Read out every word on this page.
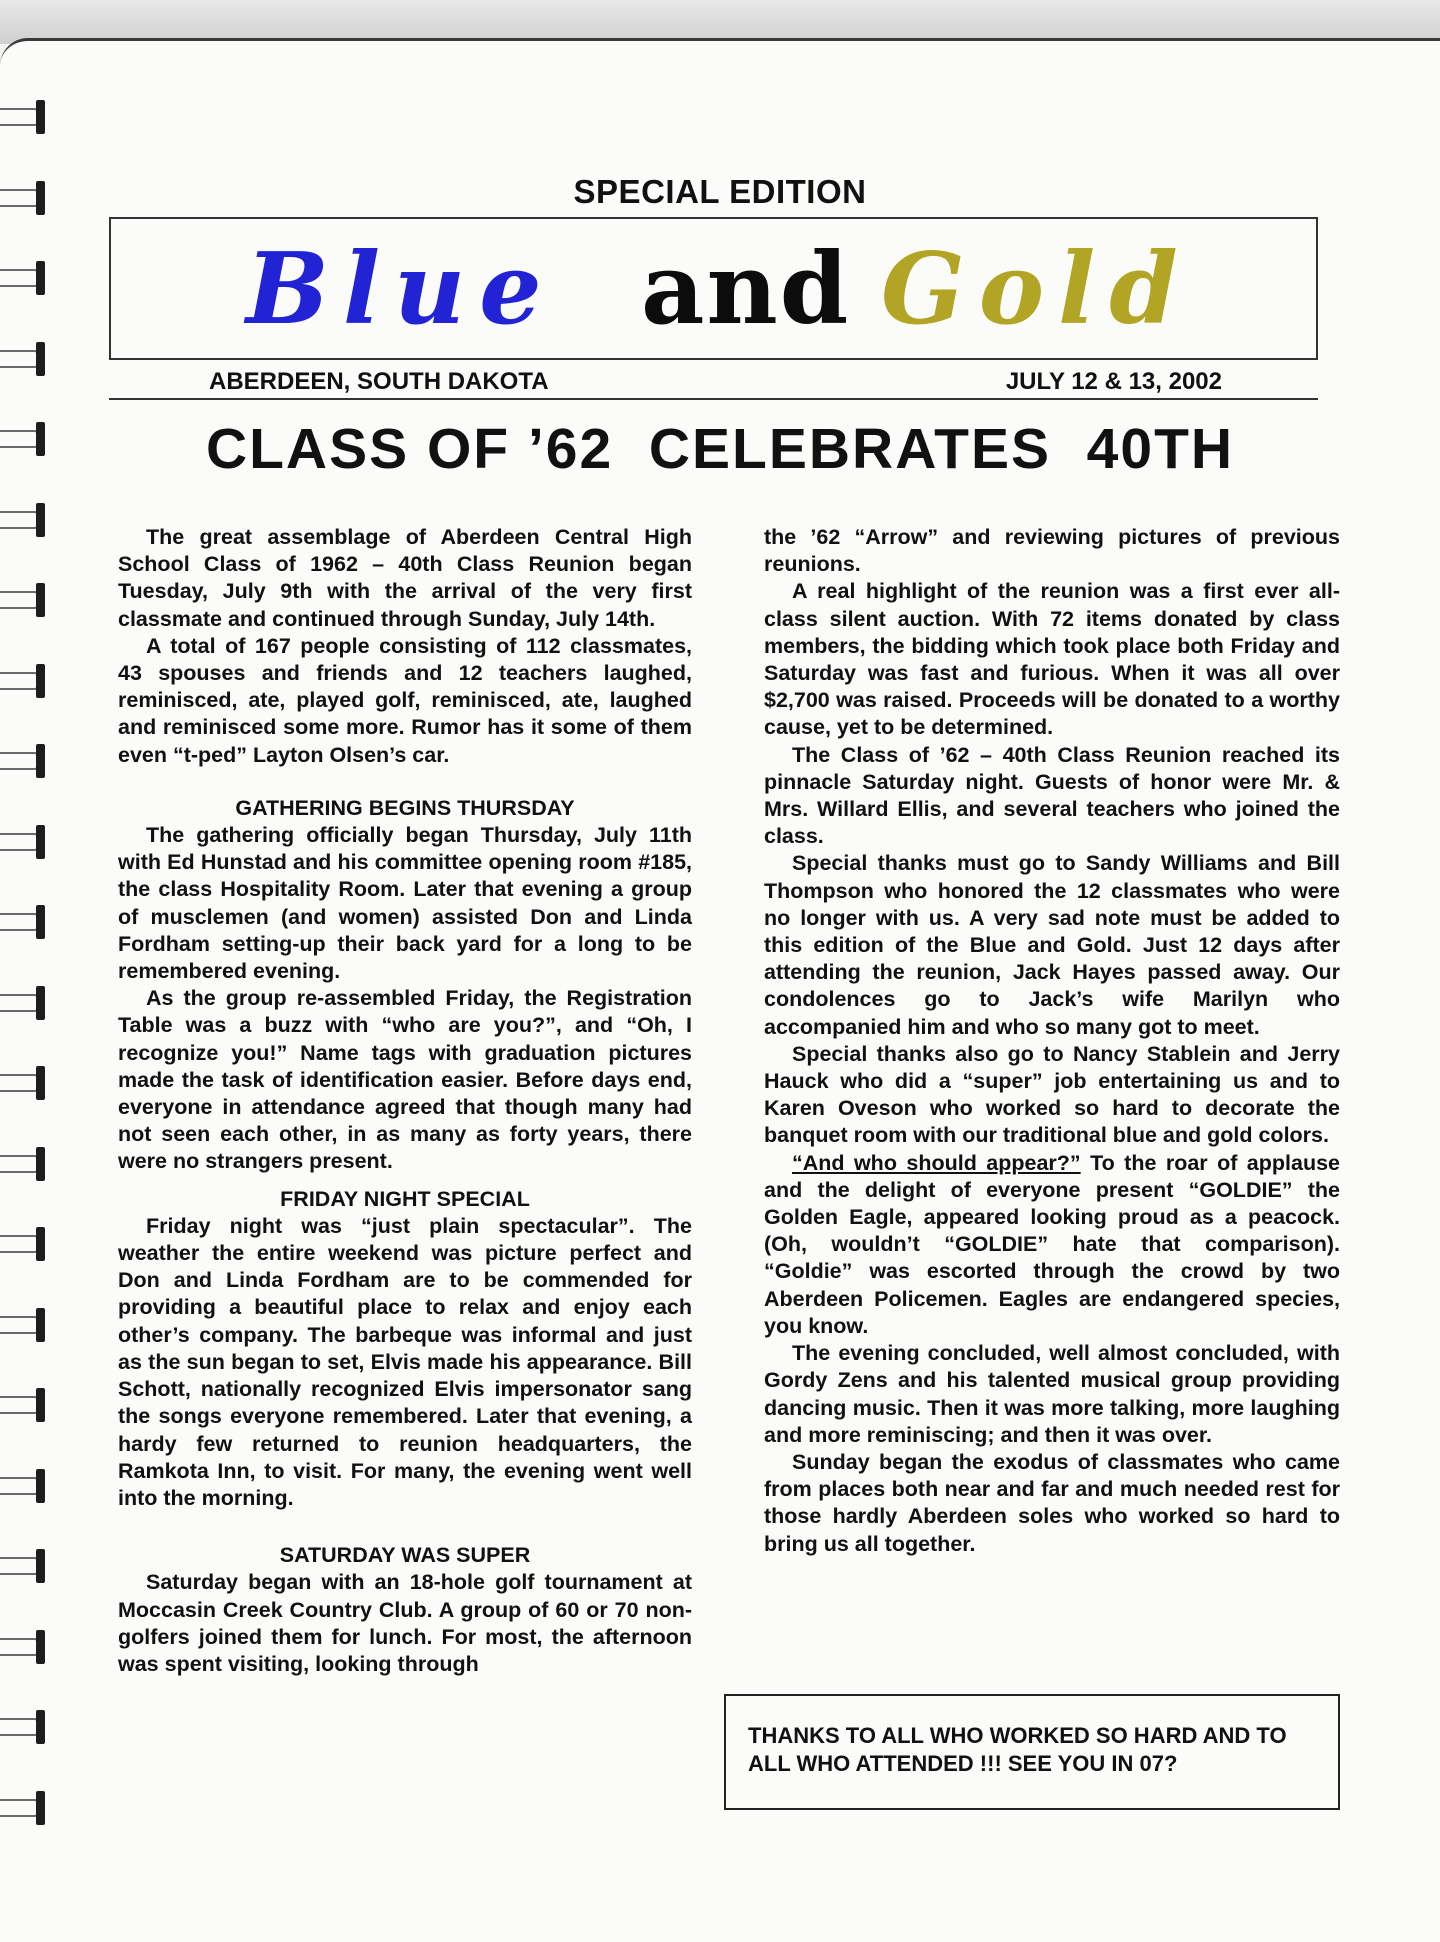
SPECIAL EDITION
Blue and Gold
ABERDEEN, SOUTH DAKOTA	JULY 12 & 13, 2002
CLASS OF ’62  CELEBRATES  40TH

The great assemblage of Aberdeen Central High School Class of 1962 – 40th Class Reunion began Tuesday, July 9th with the arrival of the very first classmate and continued through Sunday, July 14th.

A total of 167 people consisting of 112 classmates, 43 spouses and friends and 12 teachers laughed, reminisced, ate, played golf, reminisced, ate, laughed and reminisced some more. Rumor has it some of them even “t-ped” Layton Olsen’s car.

GATHERING BEGINS THURSDAY

The gathering officially began Thursday, July 11th with Ed Hunstad and his committee opening room #185, the class Hospitality Room. Later that evening a group of musclemen (and women) assisted Don and Linda Fordham setting-up their back yard for a long to be remembered evening.

As the group re-assembled Friday, the Registration Table was a buzz with “who are you?”, and “Oh, I recognize you!” Name tags with graduation pictures made the task of identification easier. Before days end, everyone in attendance agreed that though many had not seen each other, in as many as forty years, there were no strangers present.

FRIDAY NIGHT SPECIAL

Friday night was “just plain spectacular”. The weather the entire weekend was picture perfect and Don and Linda Fordham are to be commended for providing a beautiful place to relax and enjoy each other’s company. The barbeque was informal and just as the sun began to set, Elvis made his appearance. Bill Schott, nationally recognized Elvis impersonator sang the songs everyone remembered. Later that evening, a hardy few returned to reunion headquarters, the Ramkota Inn, to visit. For many, the evening went well into the morning.

SATURDAY WAS SUPER

Saturday began with an 18-hole golf tournament at Moccasin Creek Country Club. A group of 60 or 70 non-golfers joined them for lunch. For most, the afternoon was spent visiting, looking through

the ’62 “Arrow” and reviewing pictures of previous reunions.

A real highlight of the reunion was a first ever all-class silent auction. With 72 items donated by class members, the bidding which took place both Friday and Saturday was fast and furious. When it was all over $2,700 was raised. Proceeds will be donated to a worthy cause, yet to be determined.

The Class of ’62 – 40th Class Reunion reached its pinnacle Saturday night. Guests of honor were Mr. & Mrs. Willard Ellis, and several teachers who joined the class.

Special thanks must go to Sandy Williams and Bill Thompson who honored the 12 classmates who were no longer with us. A very sad note must be added to this edition of the Blue and Gold. Just 12 days after attending the reunion, Jack Hayes passed away. Our condolences go to Jack’s wife Marilyn who accompanied him and who so many got to meet.

Special thanks also go to Nancy Stablein and Jerry Hauck who did a “super” job entertaining us and to Karen Oveson who worked so hard to decorate the banquet room with our traditional blue and gold colors.

“And who should appear?” To the roar of applause and the delight of everyone present “GOLDIE” the Golden Eagle, appeared looking proud as a peacock. (Oh, wouldn’t “GOLDIE” hate that comparison). “Goldie” was escorted through the crowd by two Aberdeen Policemen. Eagles are endangered species, you know.

The evening concluded, well almost concluded, with Gordy Zens and his talented musical group providing dancing music. Then it was more talking, more laughing and more reminiscing; and then it was over.

Sunday began the exodus of classmates who came from places both near and far and much needed rest for those hardly Aberdeen soles who worked so hard to bring us all together.

THANKS TO ALL WHO WORKED SO HARD AND TO ALL WHO ATTENDED !!! SEE YOU IN 07?
